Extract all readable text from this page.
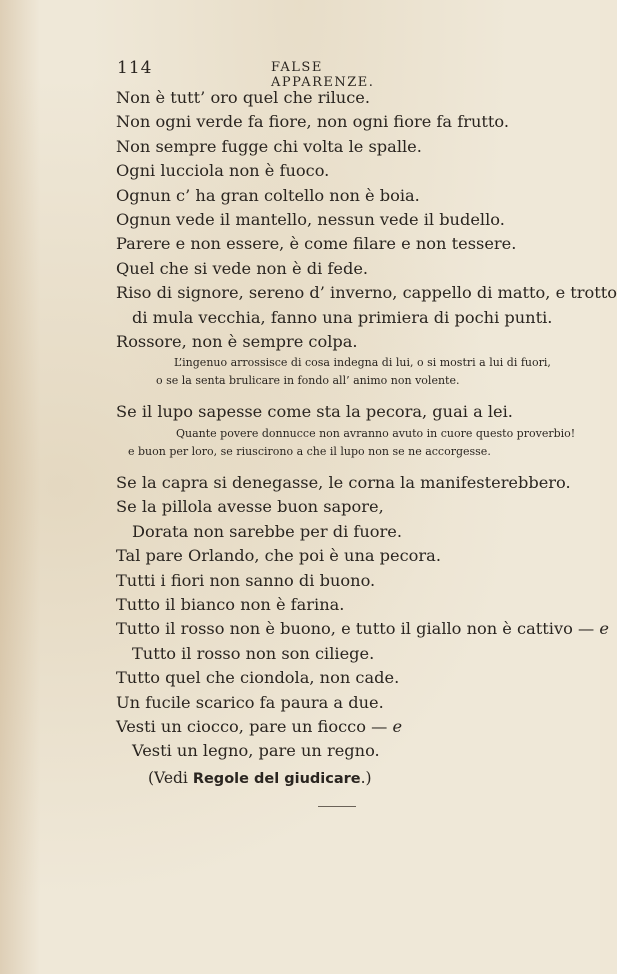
114	FALSE APPARENZE.
Non è tutt’ oro quel che riluce.
Non ogni verde fa fiore, non ogni fiore fa frutto.
Non sempre fugge chi volta le spalle.
Ogni lucciola non è fuoco.
Ognun c’ ha gran coltello non è boia.
Ognun vede il mantello, nessun vede il budello.
Parere e non essere, è come filare e non tessere.
Quel che si vede non è di fede.
Riso di signore, sereno d’ inverno, cappello di matto, e trotto
di mula vecchia, fanno una primiera di pochi punti.
Rossore, non è sempre colpa.
L’ingenuo arrossisce di cosa indegna di lui, o si mostri a lui di fuori,
o se la senta brulicare in fondo all’ animo non volente.
Se il lupo sapesse come sta la pecora, guai a lei.
Quante povere donnucce non avranno avuto in cuore questo proverbio!
e buon per loro, se riuscirono a che il lupo non se ne accorgesse.
Se la capra si denegasse, le corna la manifesterebbero.
Se la pillola avesse buon sapore,
Dorata non sarebbe per di fuore.
Tal pare Orlando, che poi è una pecora.
Tutti i fiori non sanno di buono.
Tutto il bianco non è farina.
Tutto il rosso non è buono, e tutto il giallo non è cattivo — e
Tutto il rosso non son ciliege.
Tutto quel che ciondola, non cade.
Un fucile scarico fa paura a due.
Vesti un ciocco, pare un fiocco — e
Vesti un legno, pare un regno.
(Vedi Regole del giudicare.)
